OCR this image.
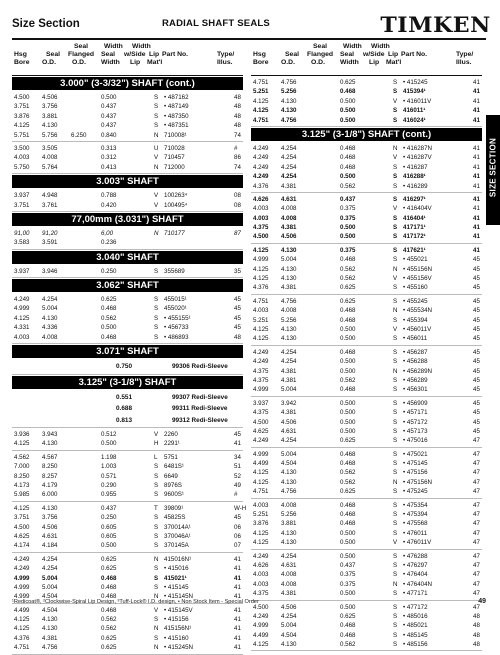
Size Section	RADIAL SHAFT SEALS	TIMKEN
Hsg
Bore
Seal
O.D.
Seal
Flanged
O.D.
Width
Seal
Width
Width
w/Side
Lip
Lip
Mat'l
Part No.	Type/
Illus.
3.000" (3-3/32") SHAFT (cont.)
4.500 4.506	0.500	S • 487162	48
3.751 3.756	0.437	S • 487149	48
3.876 3.881	0.437	S • 487350	48
4.125 4.130	0.437	S • 487351	48
5.751 5.756 6.250 0.840	N 710008¹	74
3.500 3.505	0.313	U 710028	#
4.003 4.008	0.312	V 710457	86
5.750 5.764	0.413	N 712000	74
3.003" SHAFT
3.937 4.948	0.788	V 100263⁴	08
3.751 3.761	0.420	V 100495⁴	08
77,00mm (3.031") SHAFT
91,00 91,20	6,00	N 710177	87
3.583 3.591	0.236
3.040" SHAFT
3.937 3.946	0.250	S 355689	35
3.062" SHAFT
4.249 4.254	0.625	S 455015¹	45
4.999 5.004	0.468	S 455020¹	45
4.125 4.130	0.562	S • 455155¹	45
4.331 4.336	0.500	S • 456733	45
4.003 4.008	0.468	S • 486893	48
3.071" SHAFT
0.750	99306 Redi-Sleeve
3.125" (3-1/8") SHAFT
0.551	99307 Redi-Sleeve
0.688	99311 Redi-Sleeve
0.813	99312 Redi-Sleeve
3.936 3.943	0.512	V 2260	45
4.125 4.130	0.500	H 2291¹	41
4.562 4.567	1.198	L 5751	34
7.000 8.250	1.003	S 6481S¹	51
8.250 8.257	0.571	S 6649	52
4.173 4.179	0.290	S 8976S	49
5.985 6.000	0.955	S 9600S¹	#
4.125 4.130	0.437	T 39809¹	W-H
3.751 3.756	0.250	S 45825S	45
4.500 4.506	0.605	S 370014A¹	06
4.625 4.631	0.605	S 370046A¹	06
4.174 4.184	0.500	S 370145A	07
4.249 4.254	0.625	N 415016N¹	41
4.249 4.254	0.625	S • 415016	41
4.999 5.004	0.468	S 415021¹	41
4.999 5.004	0.468	S • 415145	41
4.999 4.504	0.468	N • 415145N	41
4.499 4.504	0.468	V • 415145V	41
4.125 4.130	0.562	S • 415156	41
4.125 4.130	0.562	N 415156N¹	41
4.376 4.381	0.625	S • 415160	41
4.751 4.756	0.625	N • 415245N	41
Hsg
Bore
Seal
O.D.
Seal
Flanged
O.D.
Width
Seal
Width
Width
w/Side
Lip
Lip
Mat'l
Part No.	Type/
Illus.
4.751 4.756	0.625	S • 415245	41
5.251 5.256	0.468	S 415394¹	41
4.125 4.130	0.500	V • 416011V	41
4.125 4.130	0.500	S 416011¹	41
4.751 4.756	0.500	S 416024¹	41
3.125" (3-1/8") SHAFT (cont.)
4.249 4.254	0.468	N • 416287N	41
4.249 4.254	0.468	V • 416287V	41
4.249 4.254	0.468	S • 416287	41
4.249 4.254	0.500	S 416288¹	41
4.376 4.381	0.562	S • 416289	41
4.626 4.631	0.437	S 416297¹	41
4.003 4.008	0.375	V • 416404V	41
4.003 4.008	0.375	S 416404¹	41
4.375 4.381	0.500	S 417171¹	41
4.500 4.506	0.500	S 417172¹	41
4.125 4.130	0.375	S 417621¹	41
4.999 5.004	0.468	S • 455021	45
4.125 4.130	0.562	N • 455156N	45
4.125 4.130	0.562	V • 455156V	45
4.376 4.381	0.625	S • 455160	45
4.751 4.756	0.625	S • 455245	45
4.003 4.008	0.468	N • 455534N	45
5.251 5.256	0.468	S • 455394	45
4.125 4.130	0.500	V • 456011V	45
4.125 4.130	0.500	S • 456011	45
4.249 4.254	0.468	S • 456287	45
4.249 4.254	0.500	S • 456288	45
4.375 4.381	0.500	N • 456289N	45
4.375 4.381	0.562	S • 456289	45
4.999 5.004	0.468	S • 456301	45
3.937 3.942	0.500	S • 456909	45
4.375 4.381	0.500	S • 457171	45
4.500 4.506	0.500	S • 457172	45
4.625 4.631	0.500	S • 457173	45
4.249 4.254	0.625	S • 475016	47
4.999 5.004	0.468	S • 475021	47
4.499 4.504	0.468	S • 475145	47
4.125 4.130	0.562	S • 475156	47
4.125 4.130	0.562	N • 475156N	47
4.751 4.756	0.625	S • 475245	47
4.003 4.008	0.468	S • 475354	47
5.251 5.256	0.468	S • 475394	47
3.876 3.881	0.468	S • 475568	47
4.125 4.130	0.500	S • 476011	47
4.125 4.130	0.500	V • 476011V	47
4.249 4.254	0.500	S • 476288	47
4.626 4.631	0.437	S • 476297	47
4.003 4.008	0.375	S • 476404	47
4.003 4.008	0.375	N • 476404N	47
4.375 4.381	0.500	S • 477171	47
4.500 4.506	0.500	S • 477172	47
4.249 4.254	0.625	S • 485016	48
4.999 5.004	0.468	S • 485021	48
4.499 4.504	0.468	S • 485145	48
4.125 4.130	0.562	S • 485156	48
SIZE SECTION
¹Redicoat®, ²Clockwise-Spiral Lip Design, ³Tuff-Lock® I.D. design, • Non Stock Item - Special Order	49
